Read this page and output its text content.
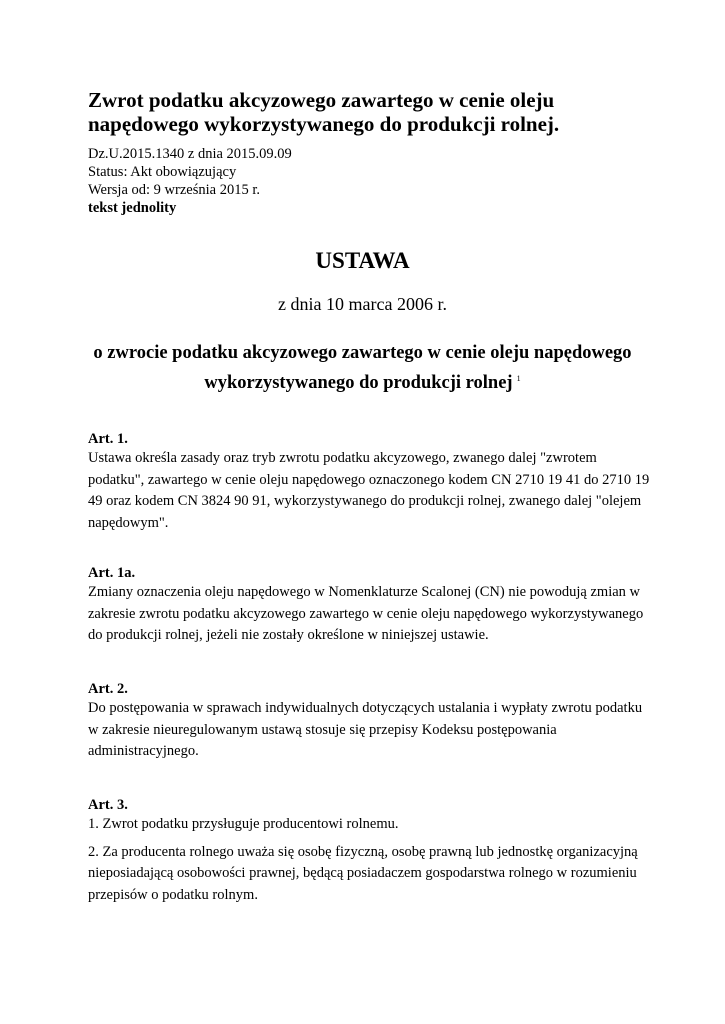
Zwrot podatku akcyzowego zawartego w cenie oleju napędowego wykorzystywanego do produkcji rolnej.
Dz.U.2015.1340 z dnia 2015.09.09
Status: Akt obowiązujący
Wersja od: 9 września 2015 r.
tekst jednolity
USTAWA
z dnia 10 marca 2006 r.
o zwrocie podatku akcyzowego zawartego w cenie oleju napędowego wykorzystywanego do produkcji rolnej $^1$

Art. 1.

Ustawa określa zasady oraz tryb zwrotu podatku akcyzowego, zwanego dalej "zwrotem podatku", zawartego w cenie oleju napędowego oznaczonego kodem CN 2710 19 41 do 2710 19 49 oraz kodem CN 3824 90 91, wykorzystywanego do produkcji rolnej, zwanego dalej "olejem napędowym".

Art. 1a.

Zmiany oznaczenia oleju napędowego w Nomenklaturze Scalonej (CN) nie powodują zmian w zakresie zwrotu podatku akcyzowego zawartego w cenie oleju napędowego wykorzystywanego do produkcji rolnej, jeżeli nie zostały określone w niniejszej ustawie.

Art. 2.

Do postępowania w sprawach indywidualnych dotyczących ustalania i wypłaty zwrotu podatku w zakresie nieuregulowanym ustawą stosuje się przepisy Kodeksu postępowania administracyjnego.

Art. 3.

1. Zwrot podatku przysługuje producentowi rolnemu.

2. Za producenta rolnego uważa się osobę fizyczną, osobę prawną lub jednostkę organizacyjną nieposiadającą osobowości prawnej, będącą posiadaczem gospodarstwa rolnego w rozumieniu przepisów o podatku rolnym.
